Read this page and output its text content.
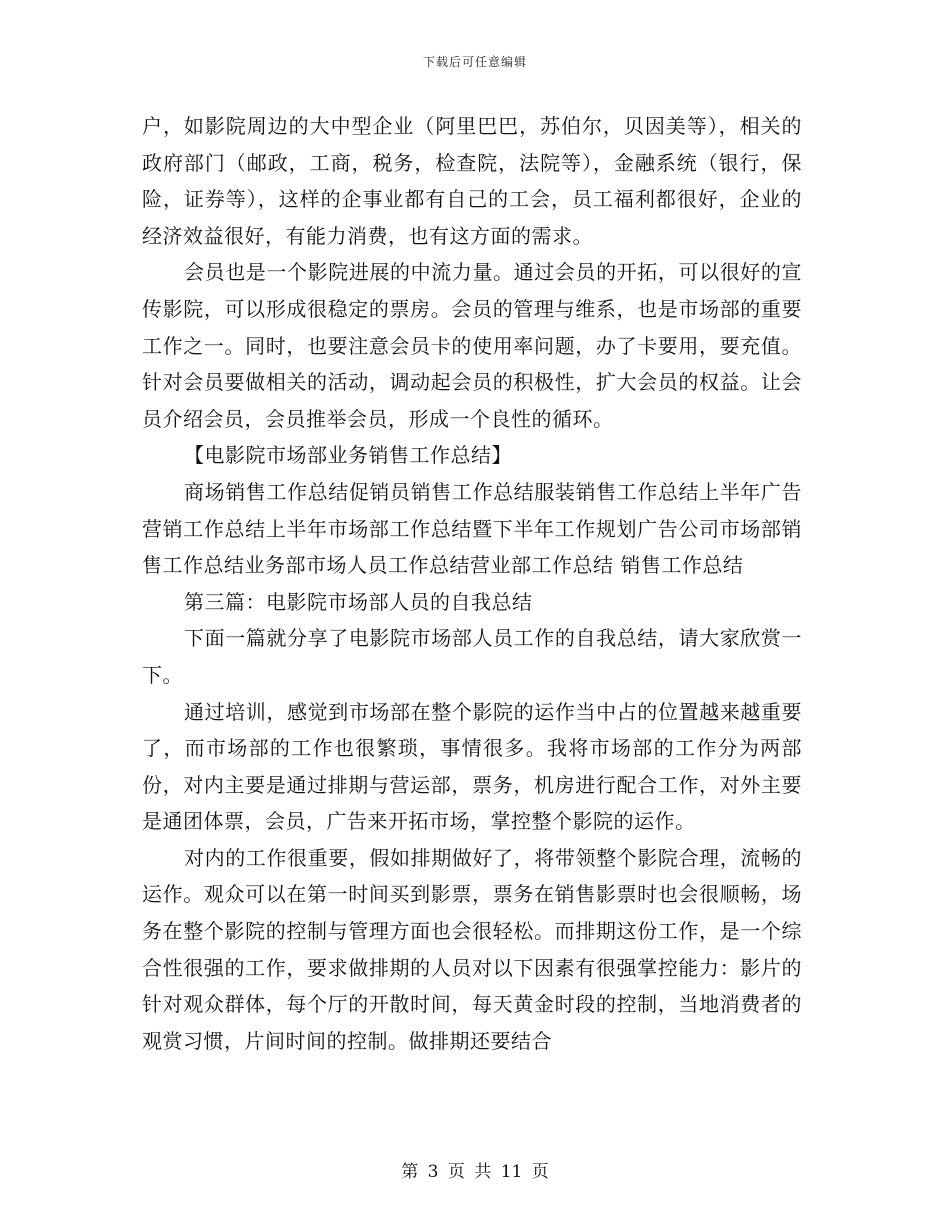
下载后可任意编辑

户，如影院周边的大中型企业（阿里巴巴，苏伯尔，贝因美等），相关的政府部门（邮政，工商，税务，检查院，法院等），金融系统（银行，保险，证券等），这样的企事业都有自己的工会，员工福利都很好，企业的经济效益很好，有能力消费，也有这方面的需求。

会员也是一个影院进展的中流力量。通过会员的开拓，可以很好的宣传影院，可以形成很稳定的票房。会员的管理与维系，也是市场部的重要工作之一。同时，也要注意会员卡的使用率问题，办了卡要用，要充值。针对会员要做相关的活动，调动起会员的积极性，扩大会员的权益。让会员介绍会员，会员推举会员，形成一个良性的循环。

【电影院市场部业务销售工作总结】

商场销售工作总结促销员销售工作总结服装销售工作总结上半年广告营销工作总结上半年市场部工作总结暨下半年工作规划广告公司市场部销售工作总结业务部市场人员工作总结营业部工作总结 销售工作总结

第三篇：电影院市场部人员的自我总结

下面一篇就分享了电影院市场部人员工作的自我总结，请大家欣赏一下。

通过培训，感觉到市场部在整个影院的运作当中占的位置越来越重要了，而市场部的工作也很繁琐，事情很多。我将市场部的工作分为两部份，对内主要是通过排期与营运部，票务，机房进行配合工作，对外主要是通团体票，会员，广告来开拓市场，掌控整个影院的运作。

对内的工作很重要，假如排期做好了，将带领整个影院合理，流畅的运作。观众可以在第一时间买到影票，票务在销售影票时也会很顺畅，场务在整个影院的控制与管理方面也会很轻松。而排期这份工作，是一个综合性很强的工作，要求做排期的人员对以下因素有很强掌控能力：影片的针对观众群体，每个厅的开散时间，每天黄金时段的控制，当地消费者的观赏习惯，片间时间的控制。做排期还要结合

第 3 页 共 11 页
